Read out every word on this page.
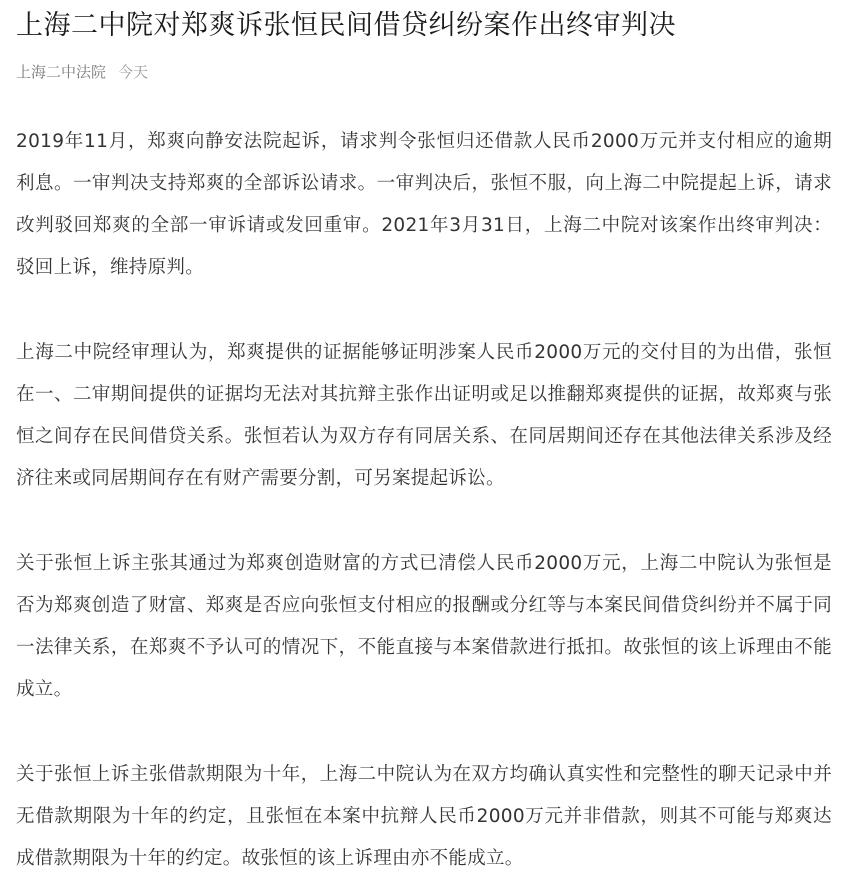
上海二中院对郑爽诉张恒民间借贷纠纷案作出终审判决
上海二中法院 今天

2019年11月，郑爽向静安法院起诉，请求判令张恒归还借款人民币2000万元并支付相应的逾期利息。一审判决支持郑爽的全部诉讼请求。一审判决后，张恒不服，向上海二中院提起上诉，请求改判驳回郑爽的全部一审诉请或发回重审。2021年3月31日，上海二中院对该案作出终审判决：驳回上诉，维持原判。

上海二中院经审理认为，郑爽提供的证据能够证明涉案人民币2000万元的交付目的为出借，张恒在一、二审期间提供的证据均无法对其抗辩主张作出证明或足以推翻郑爽提供的证据，故郑爽与张恒之间存在民间借贷关系。张恒若认为双方存有同居关系、在同居期间还存在其他法律关系涉及经济往来或同居期间存在有财产需要分割，可另案提起诉讼。

关于张恒上诉主张其通过为郑爽创造财富的方式已清偿人民币2000万元，上海二中院认为张恒是否为郑爽创造了财富、郑爽是否应向张恒支付相应的报酬或分红等与本案民间借贷纠纷并不属于同一法律关系，在郑爽不予认可的情况下，不能直接与本案借款进行抵扣。故张恒的该上诉理由不能成立。

关于张恒上诉主张借款期限为十年，上海二中院认为在双方均确认真实性和完整性的聊天记录中并无借款期限为十年的约定，且张恒在本案中抗辩人民币2000万元并非借款，则其不可能与郑爽达成借款期限为十年的约定。故张恒的该上诉理由亦不能成立。
